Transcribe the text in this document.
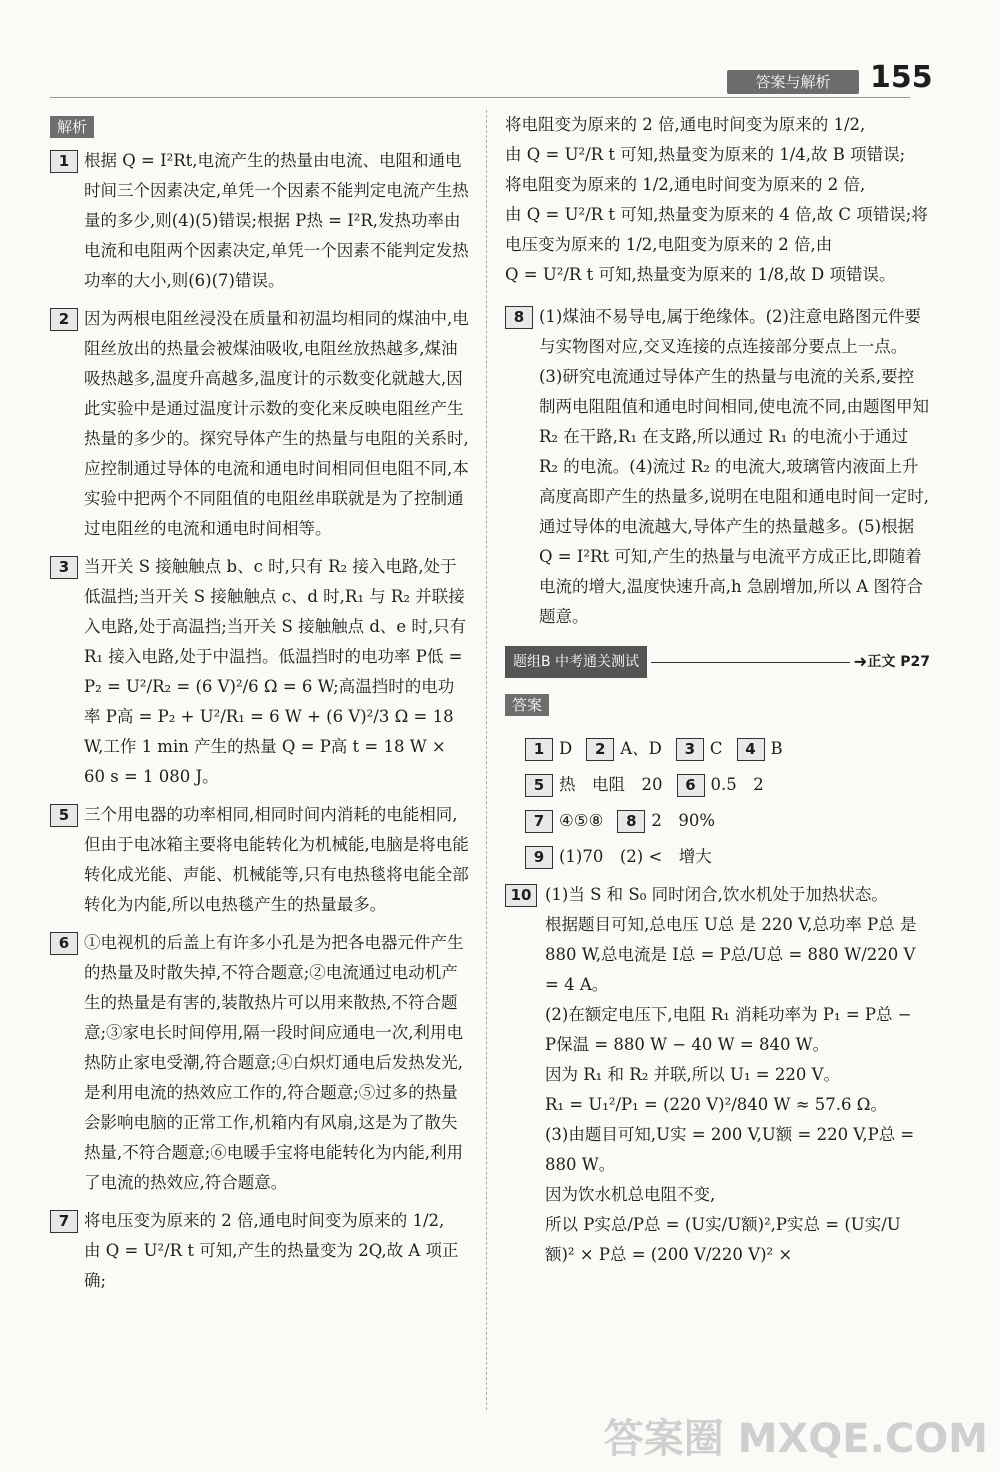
答案与解析	155
解析
1 根据 Q = I²Rt,电流产生的热量由电流、电阻和通电时间三个因素决定,单凭一个因素不能判定电流产生热量的多少,则(4)(5)错误;根据 P热 = I²R,发热功率由电流和电阻两个因素决定,单凭一个因素不能判定发热功率的大小,则(6)(7)错误。
2 因为两根电阻丝浸没在质量和初温均相同的煤油中,电阻丝放出的热量会被煤油吸收,电阻丝放热越多,煤油吸热越多,温度升高越多,温度计的示数变化就越大,因此实验中是通过温度计示数的变化来反映电阻丝产生热量的多少的。探究导体产生的热量与电阻的关系时,应控制通过导体的电流和通电时间相同但电阻不同,本实验中把两个不同阻值的电阻丝串联就是为了控制通过电阻丝的电流和通电时间相等。
3 当开关 S 接触触点 b、c 时,只有 R₂ 接入电路,处于低温挡;当开关 S 接触触点 c、d 时,R₁ 与 R₂ 并联接入电路,处于高温挡;当开关 S 接触触点 d、e 时,只有 R₁ 接入电路,处于中温挡。低温挡时的电功率 P低 = P₂ = U²/R₂ = (6 V)²/6 Ω = 6 W;高温挡时的电功率 P高 = P₂ + U²/R₁ = 6 W + (6 V)²/3 Ω = 18 W,工作 1 min 产生的热量 Q = P高 t = 18 W × 60 s = 1 080 J。
5 三个用电器的功率相同,相同时间内消耗的电能相同,但由于电冰箱主要将电能转化为机械能,电脑是将电能转化成光能、声能、机械能等,只有电热毯将电能全部转化为内能,所以电热毯产生的热量最多。
6 ①电视机的后盖上有许多小孔是为把各电器元件产生的热量及时散失掉,不符合题意;②电流通过电动机产生的热量是有害的,装散热片可以用来散热,不符合题意;③家电长时间停用,隔一段时间应通电一次,利用电热防止家电受潮,符合题意;④白炽灯通电后发热发光,是利用电流的热效应工作的,符合题意;⑤过多的热量会影响电脑的正常工作,机箱内有风扇,这是为了散失热量,不符合题意;⑥电暖手宝将电能转化为内能,利用了电流的热效应,符合题意。
7 将电压变为原来的 2 倍,通电时间变为原来的 1/2,
由 Q = U²/R t 可知,产生的热量变为 2Q,故 A 项正确;
将电阻变为原来的 2 倍,通电时间变为原来的 1/2,
由 Q = U²/R t 可知,热量变为原来的 1/4,故 B 项错误;
将电阻变为原来的 1/2,通电时间变为原来的 2 倍,
由 Q = U²/R t 可知,热量变为原来的 4 倍,故 C 项错误;将电压变为原来的 1/2,电阻变为原来的 2 倍,由
Q = U²/R t 可知,热量变为原来的 1/8,故 D 项错误。
8 (1)煤油不易导电,属于绝缘体。(2)注意电路图元件要与实物图对应,交叉连接的点连接部分要点上一点。(3)研究电流通过导体产生的热量与电流的关系,要控制两电阻阻值和通电时间相同,使电流不同,由题图甲知 R₂ 在干路,R₁ 在支路,所以通过 R₁ 的电流小于通过 R₂ 的电流。(4)流过 R₂ 的电流大,玻璃管内液面上升高度高即产生的热量多,说明在电阻和通电时间一定时,通过导体的电流越大,导体产生的热量越多。(5)根据 Q = I²Rt 可知,产生的热量与电流平方成正比,即随着电流的增大,温度快速升高,h 急剧增加,所以 A 图符合题意。
题组B 中考通关测试	➜ 正文 P27
答案
1 D	2 A、D	3 C	4 B
5 热　电阻　20	6 0.5　2
7 ④⑤⑧	8 2　90%
9 (1)70　(2) <　增大
10 (1)当 S 和 S₀ 同时闭合,饮水机处于加热状态。
根据题目可知,总电压 U总 是 220 V,总功率 P总 是
880 W,总电流是 I总 = P总/U总 = 880 W/220 V = 4 A。
(2)在额定电压下,电阻 R₁ 消耗功率为 P₁ = P总 −
P保温 = 880 W − 40 W = 840 W。
因为 R₁ 和 R₂ 并联,所以 U₁ = 220 V。
R₁ = U₁²/P₁ = (220 V)²/840 W ≈ 57.6 Ω。
(3)由题目可知,U实 = 200 V,U额 = 220 V,P总 = 880 W。
因为饮水机总电阻不变,
所以 P实总/P总 = (U实/U额)²,P实总 = (U实/U额)² × P总 = (200 V/220 V)² ×
答案圈 MXQE.COM
